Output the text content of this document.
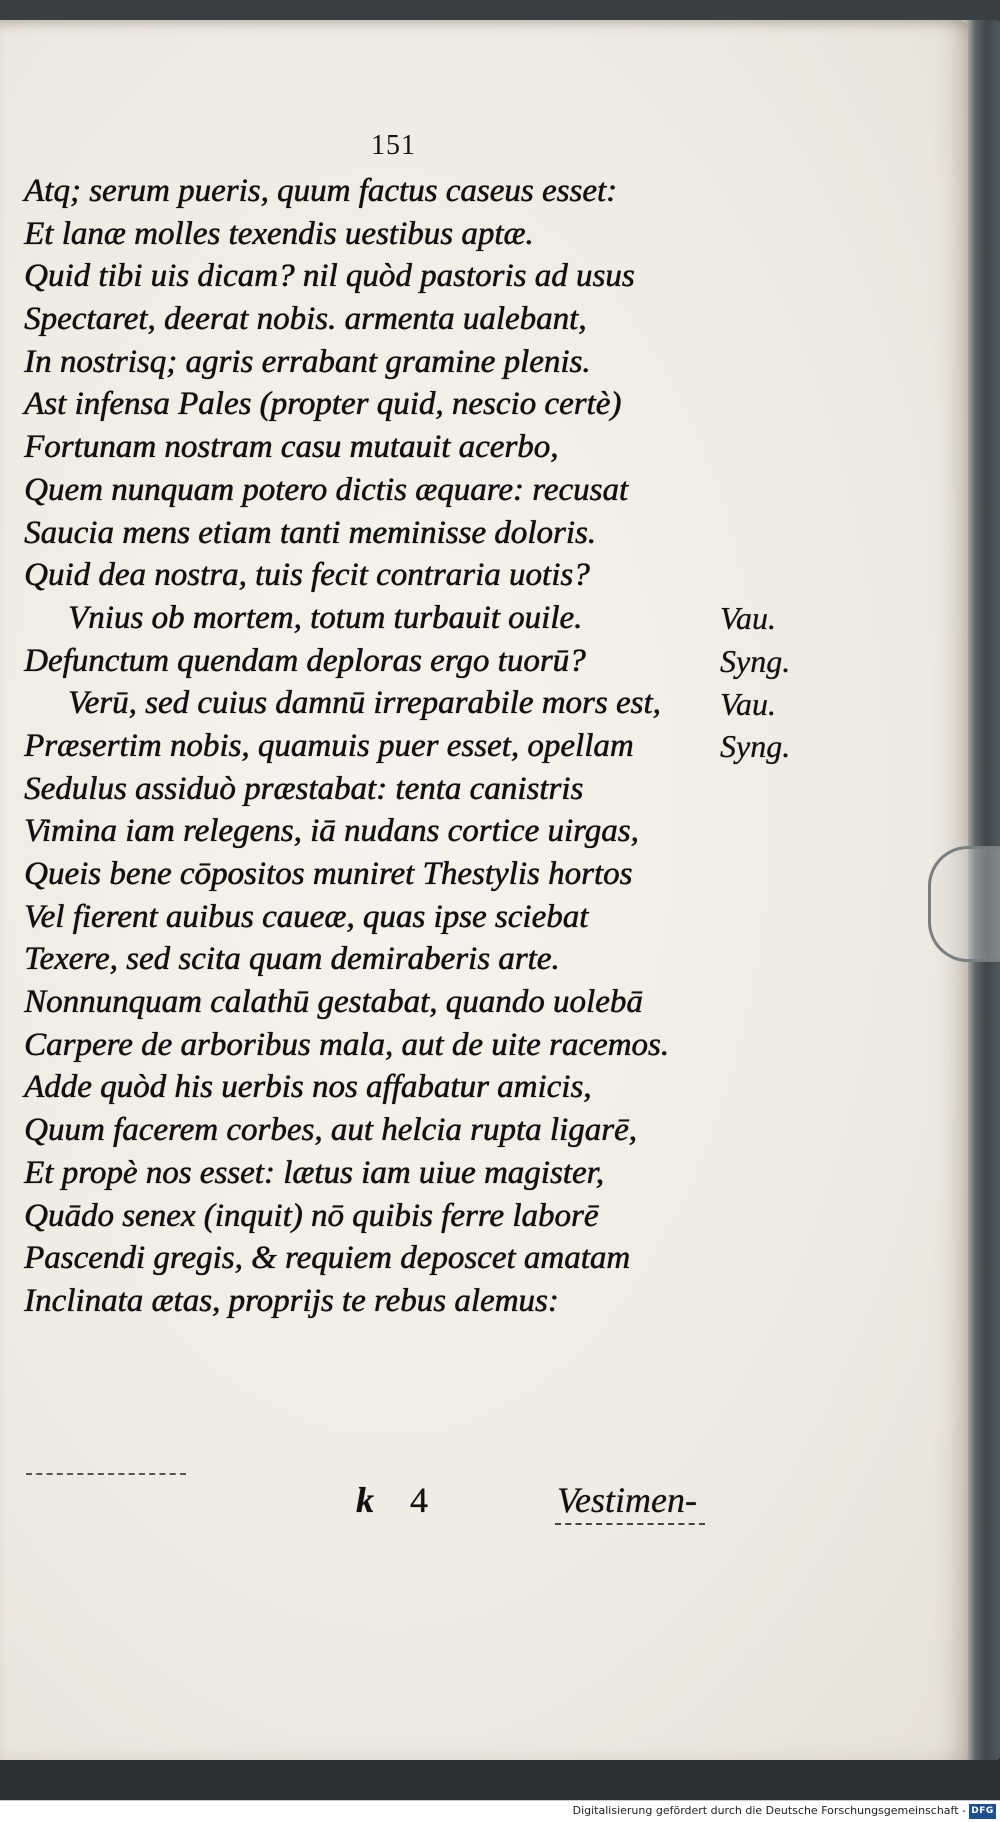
151
Atq; serum pueris, quum factus caseus esset:
Et lanæ molles texendis uestibus aptæ.
Quid tibi uis dicam? nil quòd pastoris ad usus
Spectaret, deerat nobis. armenta ualebant,
In nostrisq; agris errabant gramine plenis.
Ast infensa Pales (propter quid, nescio certè)
Fortunam nostram casu mutauit acerbo,
Quem nunquam potero dictis æquare: recusat
Saucia mens etiam tanti meminisse doloris.
Quid dea nostra, tuis fecit contraria uotis?
Vnius ob mortem, totum turbauit ouile.
Defunctum quendam deploras ergo tuorū?
Verū, sed cuius damnū irreparabile mors est,
Præsertim nobis, quamuis puer esset, opellam
Sedulus assiduò præstabat: tenta canistris
Vimina iam relegens, iā nudans cortice uirgas,
Queis bene cōpositos muniret Thestylis hortos
Vel fierent auibus caueæ, quas ipse sciebat
Texere, sed scita quam demiraberis arte.
Nonnunquam calathū gestabat, quando uolebā
Carpere de arboribus mala, aut de uite racemos.
Adde quòd his uerbis nos affabatur amicis,
Quum facerem corbes, aut helcia rupta ligarē,
Et propè nos esset: lætus iam uiue magister,
Quādo senex (inquit) nō quibis ferre laborē
Pascendi gregis, & requiem deposcet amatam
Inclinata ætas, proprijs te rebus alemus:
Vau.
Syng.
Vau.
Syng.
k 4	Vestimen-
Digitalisierung gefördert durch die Deutsche Forschungsgemeinschaft - DFG
